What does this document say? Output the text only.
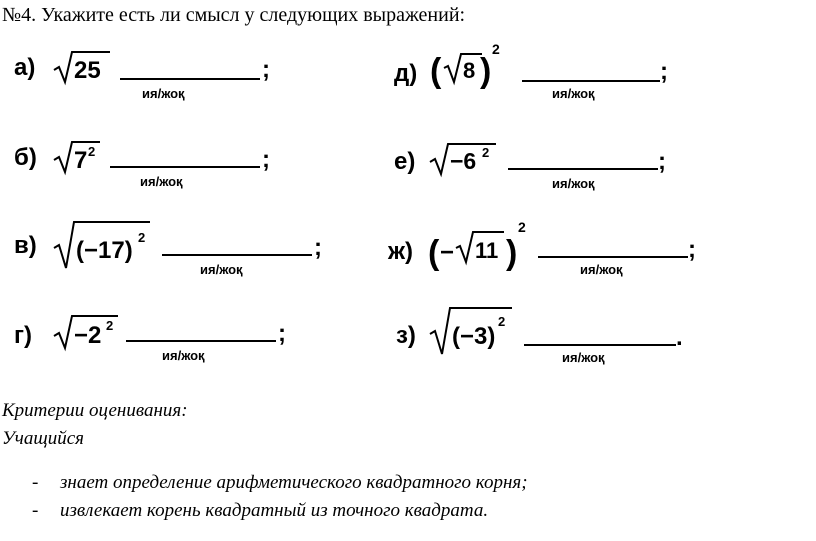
№4. Укажите есть ли смысл у следующих выражений:
а) 25	;
ия/жоқ
б) 7 2	;
ия/жоқ
в) (−17) 2	;
ия/жоқ
г) −2 2	;
ия/жоқ
д) ( 8 )
2
;
ия/жоқ
е) −6 2	;
ия/жоқ
ж) ( − 11 )
2
;
ия/жоқ
з) (−3)
2
.
ия/жоқ
Критерии оценивания:
Учащийся
- знает определение арифметического квадратного корня;
- извлекает корень квадратный из точного квадрата.
